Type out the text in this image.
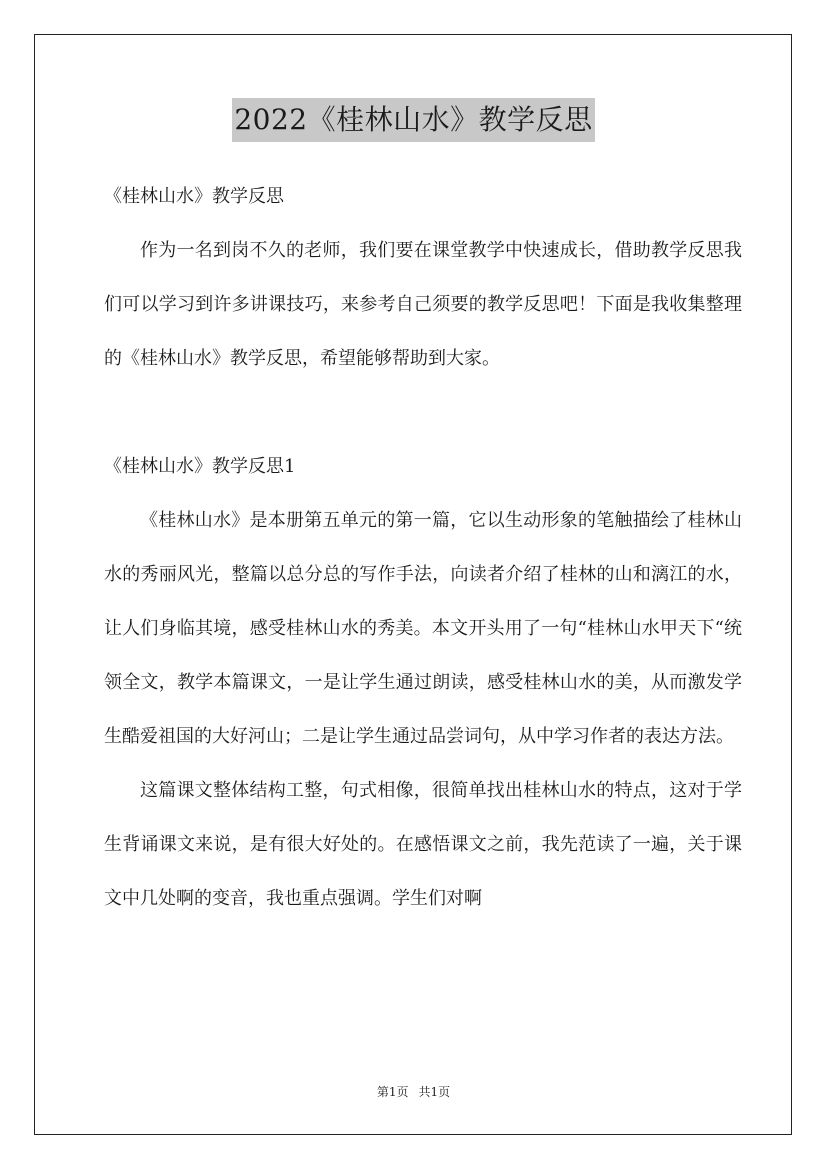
2022《桂林山水》教学反思

《桂林山水》教学反思

作为一名到岗不久的老师，我们要在课堂教学中快速成长，借助教学反思我们可以学习到许多讲课技巧，来参考自己须要的教学反思吧！下面是我收集整理的《桂林山水》教学反思，希望能够帮助到大家。

《桂林山水》教学反思1

《桂林山水》是本册第五单元的第一篇，它以生动形象的笔触描绘了桂林山水的秀丽风光，整篇以总分总的写作手法，向读者介绍了桂林的山和漓江的水，让人们身临其境，感受桂林山水的秀美。本文开头用了一句“桂林山水甲天下“统领全文，教学本篇课文，一是让学生通过朗读，感受桂林山水的美，从而激发学生酷爱祖国的大好河山；二是让学生通过品尝词句，从中学习作者的表达方法。

这篇课文整体结构工整，句式相像，很简单找出桂林山水的特点，这对于学生背诵课文来说，是有很大好处的。在感悟课文之前，我先范读了一遍，关于课文中几处啊的变音，我也重点强调。学生们对啊

第1页 共1页
